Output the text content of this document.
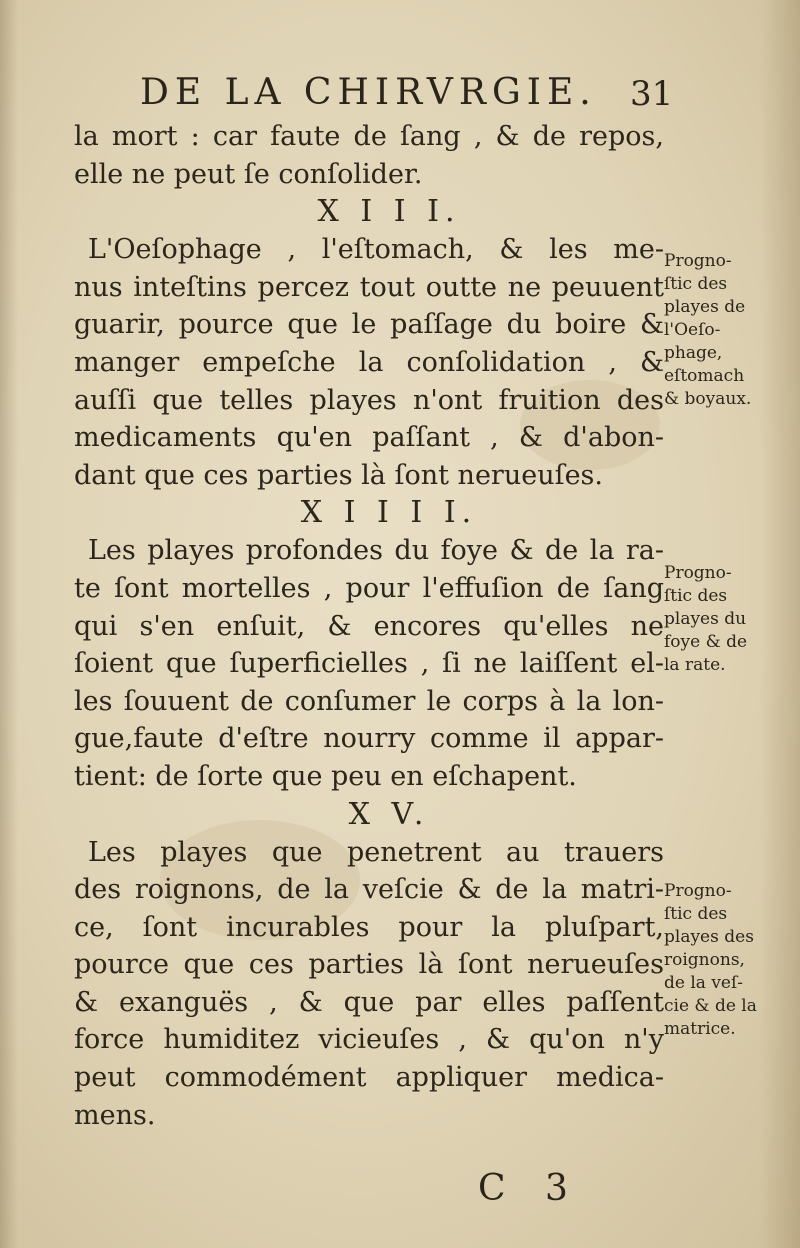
DE LA CHIRVRGIE. 31
la mort : car faute de ſang , & de repos,
elle ne peut ſe conſolider.
X I I I.
L'Oeſophage , l'eſtomach, & les me-
nus inteſtins percez tout outte ne peuuent
guarir, pource que le paſſage du boire &
manger empeſche la conſolidation , &
auſſi que telles playes n'ont fruition des
medicaments qu'en paſſant , & d'abon-
dant que ces parties là ſont nerueuſes.
X I I I I.
Les playes profondes du foye & de la ra-
te ſont mortelles , pour l'effuſion de ſang
qui s'en enſuit, & encores qu'elles ne
ſoient que ſuperficielles , ſi ne laiſſent el-
les ſouuent de conſumer le corps à la lon-
gue,faute d'eſtre nourry comme il appar-
tient: de ſorte que peu en eſchapent.
X V.
Les playes que penetrent au trauers
des roignons, de la veſcie & de la matri-
ce, ſont incurables pour la pluſpart,
pource que ces parties là ſont nerueuſes
& exanguës , & que par elles paſſent
force humiditez vicieuſes , & qu'on n'y
peut commodément appliquer medica-
mens.
Progno-
ſtic des
playes de
l'Oeſo-
phage,
eſtomach
& boyaux.
Progno-
ſtic des
playes du
foye & de
la rate.
Progno-
ſtic des
playes des
roignons,
de la veſ-
cie & de la
matrice.
C 3
